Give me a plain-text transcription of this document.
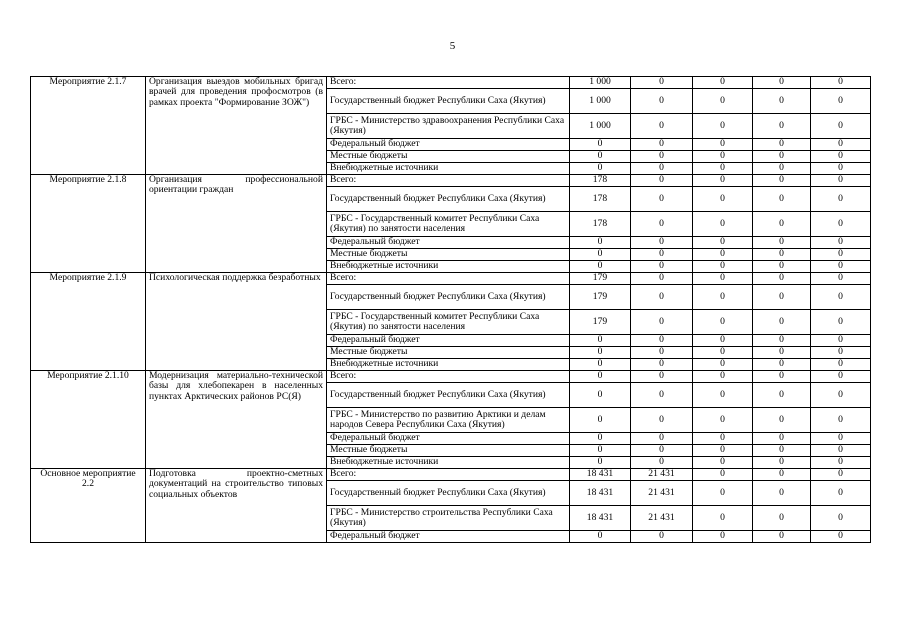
5
Мероприятие 2.1.7	Организация выездов мобильных бригад врачей для проведения профосмотров (в рамках проекта "Формирование ЗОЖ")	Всего:	1 000	0	0	0	0
		Государственный бюджет Республики Саха (Якутия)	1 000	0	0	0	0
		ГРБС - Министерство здравоохранения Республики Саха (Якутия)	1 000	0	0	0	0
		Федеральный бюджет	0	0	0	0	0
		Местные бюджеты	0	0	0	0	0
		Внебюджетные источники	0	0	0	0	0
Мероприятие 2.1.8	Организация профессиональной ориентации граждан	Всего:	178	0	0	0	0
		Государственный бюджет Республики Саха (Якутия)	178	0	0	0	0
		ГРБС - Государственный комитет Республики Саха (Якутия) по занятости населения	178	0	0	0	0
		Федеральный бюджет	0	0	0	0	0
		Местные бюджеты	0	0	0	0	0
		Внебюджетные источники	0	0	0	0	0
Мероприятие 2.1.9	Психологическая поддержка безработных	Всего:	179	0	0	0	0
		Государственный бюджет Республики Саха (Якутия)	179	0	0	0	0
		ГРБС - Государственный комитет Республики Саха (Якутия) по занятости населения	179	0	0	0	0
		Федеральный бюджет	0	0	0	0	0
		Местные бюджеты	0	0	0	0	0
		Внебюджетные источники	0	0	0	0	0
Мероприятие 2.1.10	Модернизация материально-технической базы для хлебопекарен в населенных пунктах Арктических районов РС(Я)	Всего:	0	0	0	0	0
		Государственный бюджет Республики Саха (Якутия)	0	0	0	0	0
		ГРБС - Министерство по развитию Арктики и делам народов Севера Республики Саха (Якутия)	0	0	0	0	0
		Федеральный бюджет	0	0	0	0	0
		Местные бюджеты	0	0	0	0	0
		Внебюджетные источники	0	0	0	0	0
Основное мероприятие 2.2	Подготовка проектно-сметных документаций на строительство типовых социальных объектов	Всего:	18 431	21 431	0	0	0
		Государственный бюджет Республики Саха (Якутия)	18 431	21 431	0	0	0
		ГРБС - Министерство строительства Республики Саха (Якутия)	18 431	21 431	0	0	0
		Федеральный бюджет	0	0	0	0	0
